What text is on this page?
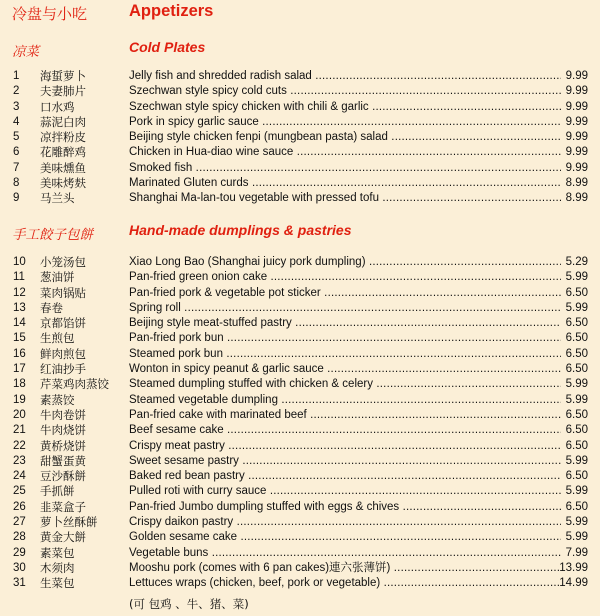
冷盘与小吃	Appetizers
凉菜	Cold Plates
1 海蜇萝卜	Jelly fish and shredded radish salad .....	9.99
2 夫妻肺片	Szechwan style spicy cold cuts .....	9.99
3 口水鸡	Szechwan style spicy chicken with chili & garlic .....	9.99
4 蒜泥白肉	Pork in spicy garlic sauce .....	9.99
5 凉拌粉皮	Beijing style chicken fenpi (mungbean pasta) salad .....	9.99
6 花雕醉鸡	Chicken in Hua-diao wine sauce .....	9.99
7 美味燻鱼	Smoked fish .....	9.99
8 美味烤麸	Marinated Gluten curds .....	8.99
9 马兰头	Shanghai Ma-lan-tou vegetable with pressed tofu .....	8.99
手工餃子包餅	Hand-made dumplings & pastries
10 小笼汤包	Xiao Long Bao (Shanghai juicy pork dumpling) .....	5.29
11 葱油饼	Pan-fried green onion cake .....	5.99
12 菜肉锅贴	Pan-fried pork & vegetable pot sticker .....	6.50
13 春卷	Spring roll .....	5.99
14 京都馅饼	Beijing style meat-stuffed pastry .....	6.50
15 生煎包	Pan-fried pork bun .....	6.50
16 鲜肉煎包	Steamed pork bun .....	6.50
17 红油抄手	Wonton in spicy peanut & garlic sauce .....	6.50
18 芹菜鸡肉蒸饺 Steamed dumpling stuffed with chicken & celery .....	5.99
19 素蒸饺	Steamed vegetable dumpling .....	5.99
20 牛肉卷饼	Pan-fried cake with marinated beef .....	6.50
21 牛肉烧饼	Beef sesame cake .....	6.50
22 黄桥烧饼	Crispy meat pastry .....	6.50
23 甜蟹蛋黄	Sweet sesame pastry .....	5.99
24 豆沙酥餅	Baked red bean pastry .....	6.50
25 手抓餅	Pulled roti with curry sauce .....	5.99
26 韭菜盒子	Pan-fried Jumbo dumpling stuffed with eggs & chives .....	6.50
27 萝卜丝酥餅	Crispy daikon pastry .....	5.99
28 黄金大餅	Golden sesame cake .....	5.99
29 素菜包	Vegetable buns .....	7.99
30 木须肉	Mooshu pork (comes with 6 pan cakes)連六张薄饼) .....	13.99
31 生菜包	Lettuces wraps (chicken, beef, pork or vegetable) .....	14.99
(可 包鸡 、牛、猪、菜)
